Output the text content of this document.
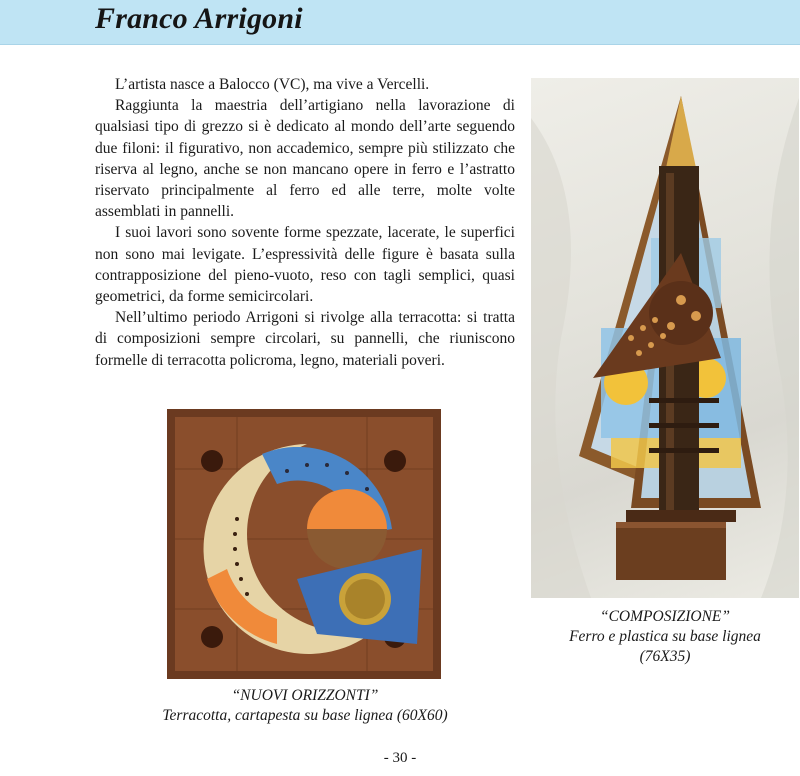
Franco Arrigoni

L’artista nasce a Balocco (VC), ma vive a Vercelli.

Raggiunta la maestria dell’artigiano nella lavorazione di qualsiasi tipo di grezzo si è dedicato al mondo dell’arte seguendo due filoni: il figurativo, non accademico, sempre più stilizzato che riserva al legno, anche se non mancano opere in ferro e l’astratto riservato principalmente al ferro ed alle terre, molte volte assemblati in pannelli.

I suoi lavori sono sovente forme spezzate, lacerate, le superfici non sono mai levigate. L’espressività delle figure è basata sulla contrapposizione del pieno-vuoto, reso con tagli semplici, quasi geometrici, da forme semicircolari.

Nell’ultimo periodo Arrigoni si rivolge alla terracotta: si tratta di composizioni sempre circolari, su pannelli, che riuniscono formelle di terracotta policroma, legno, materiali poveri.

“COMPOSIZIONE”
Ferro e plastica su base lignea
(76X35)
“NUOVI ORIZZONTI”
Terracotta, cartapesta su base lignea (60X60)
- 30 -
